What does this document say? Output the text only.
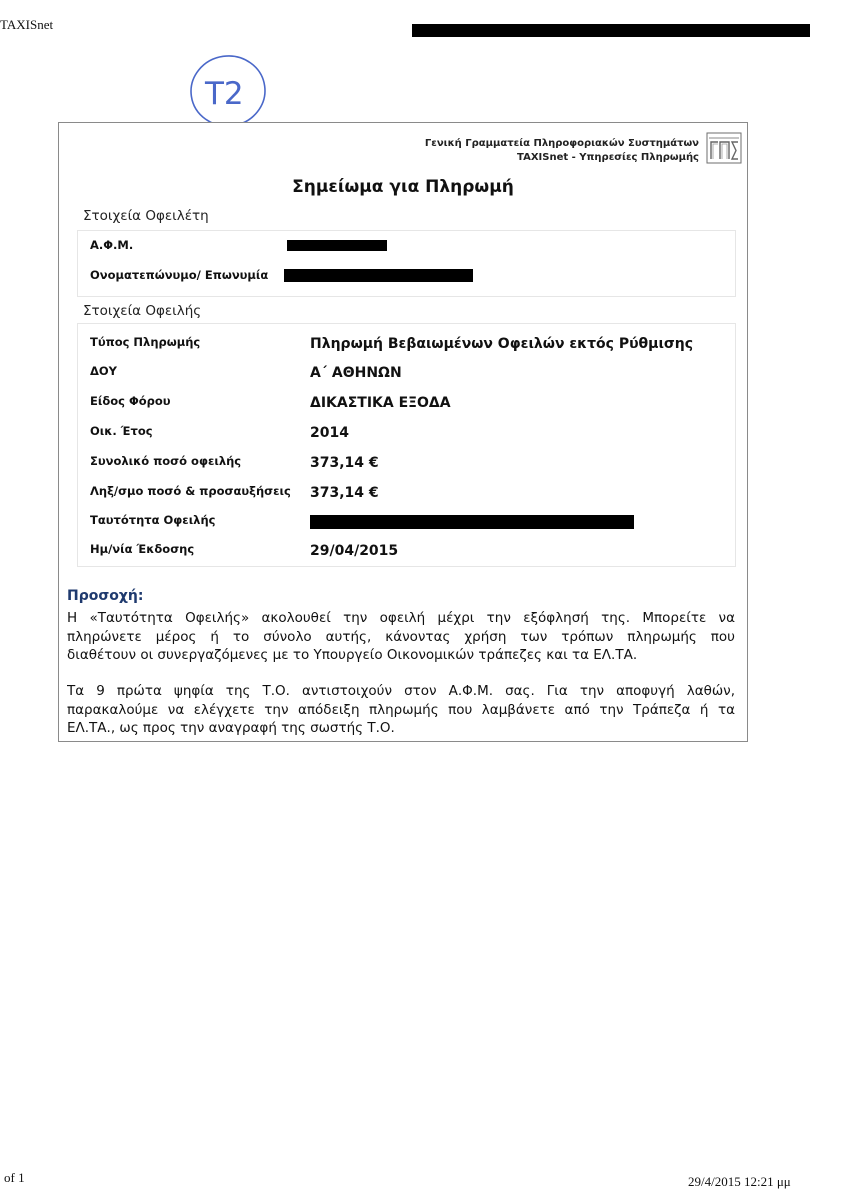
TAXISnet
T2
Γενική Γραμματεία Πληροφοριακών Συστημάτων
TAXISnet - Υπηρεσίες Πληρωμής
Σημείωμα για Πληρωμή
Στοιχεία Οφειλέτη
Α.Φ.Μ.
Ονοματεπώνυμο/ Επωνυμία
Στοιχεία Οφειλής
Τύπος Πληρωμής	Πληρωμή Βεβαιωμένων Οφειλών εκτός Ρύθμισης
ΔΟΥ	Α΄ ΑΘΗΝΩΝ
Είδος Φόρου	ΔΙΚΑΣΤΙΚΑ ΕΞΟΔΑ
Οικ. Έτος	2014
Συνολικό ποσό οφειλής	373,14 €
Ληξ/σμο ποσό & προσαυξήσεις 373,14 €
Ταυτότητα Οφειλής
Ημ/νία Έκδοσης	29/04/2015
Προσοχή:
Η «Ταυτότητα Οφειλής» ακολουθεί την οφειλή μέχρι την εξόφλησή της. Μπορείτε να
πληρώνετε μέρος ή το σύνολο αυτής, κάνοντας χρήση των τρόπων πληρωμής που
διαθέτουν οι συνεργαζόμενες με το Υπουργείο Οικονομικών τράπεζες και τα ΕΛ.ΤΑ.
Τα 9 πρώτα ψηφία της Τ.Ο. αντιστοιχούν στον Α.Φ.Μ. σας. Για την αποφυγή λαθών,
παρακαλούμε να ελέγχετε την απόδειξη πληρωμής που λαμβάνετε από την Τράπεζα ή τα
ΕΛ.ΤΑ., ως προς την αναγραφή της σωστής Τ.Ο.
of 1	29/4/2015 12:21 μμ
